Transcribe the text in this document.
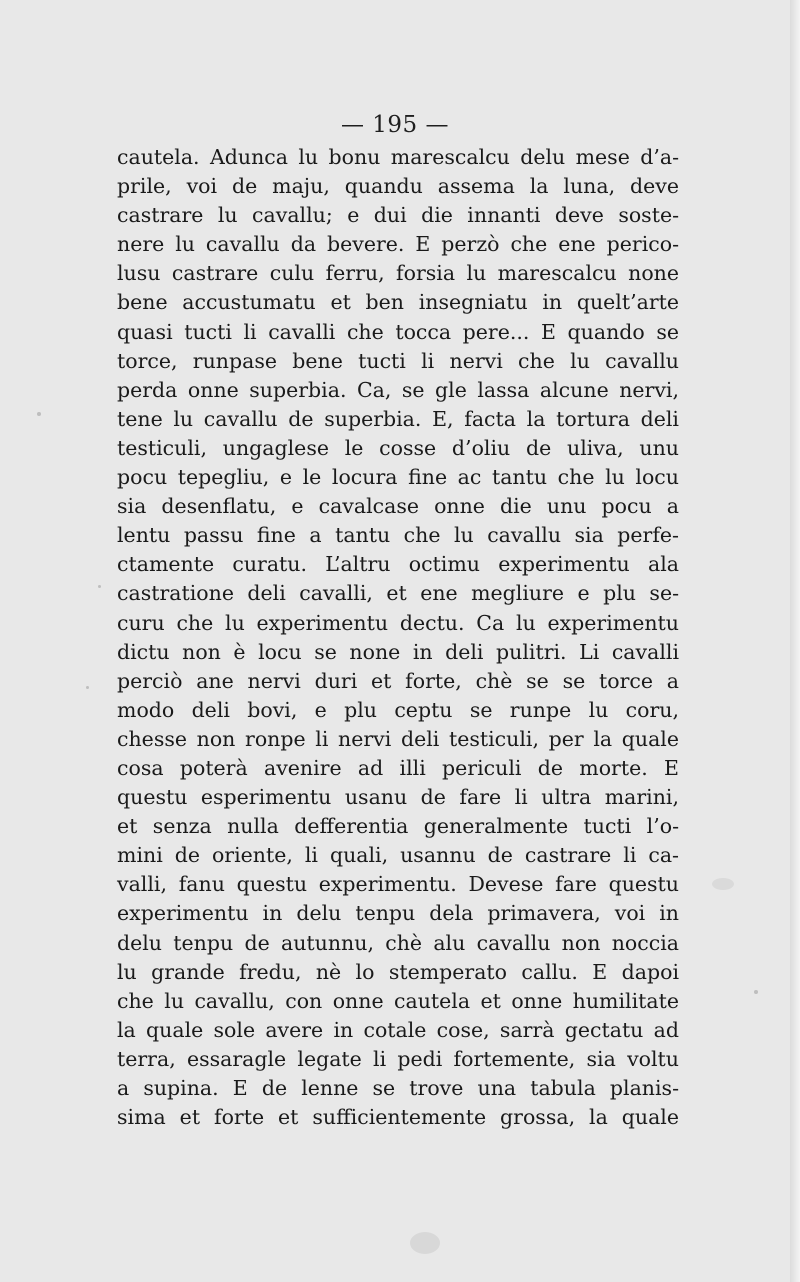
— 195 —
cautela. Adunca lu bonu marescalcu delu mese d’a-
prile, voi de maju, quandu assema la luna, deve
castrare lu cavallu; e dui die innanti deve soste-
nere lu cavallu da bevere. E perzò che ene perico-
lusu castrare culu ferru, forsia lu marescalcu none
bene accustumatu et ben insegniatu in quelt’arte
quasi tucti li cavalli che tocca pere... E quando se
torce, runpase bene tucti li nervi che lu cavallu
perda onne superbia. Ca, se gle lassa alcune nervi,
tene lu cavallu de superbia. E, facta la tortura deli
testiculi, ungaglese le cosse d’oliu de uliva, unu
pocu tepegliu, e le locura fine ac tantu che lu locu
sia desenflatu, e cavalcase onne die unu pocu a
lentu passu fine a tantu che lu cavallu sia perfe-
ctamente curatu. L’altru octimu experimentu ala
castratione deli cavalli, et ene megliure e plu se-
curu che lu experimentu dectu. Ca lu experimentu
dictu non è locu se none in deli pulitri. Li cavalli
perciò ane nervi duri et forte, chè se se torce a
modo deli bovi, e plu ceptu se runpe lu coru,
chesse non ronpe li nervi deli testiculi, per la quale
cosa poterà avenire ad illi periculi de morte. E
questu esperimentu usanu de fare li ultra marini,
et senza nulla defferentia generalmente tucti l’o-
mini de oriente, li quali, usannu de castrare li ca-
valli, fanu questu experimentu. Devese fare questu
experimentu in delu tenpu dela primavera, voi in
delu tenpu de autunnu, chè alu cavallu non noccia
lu grande fredu, nè lo stemperato callu. E dapoi
che lu cavallu, con onne cautela et onne humilitate
la quale sole avere in cotale cose, sarrà gectatu ad
terra, essaragle legate li pedi fortemente, sia voltu
a supina. E de lenne se trove una tabula planis-
sima et forte et sufficientemente grossa, la quale
